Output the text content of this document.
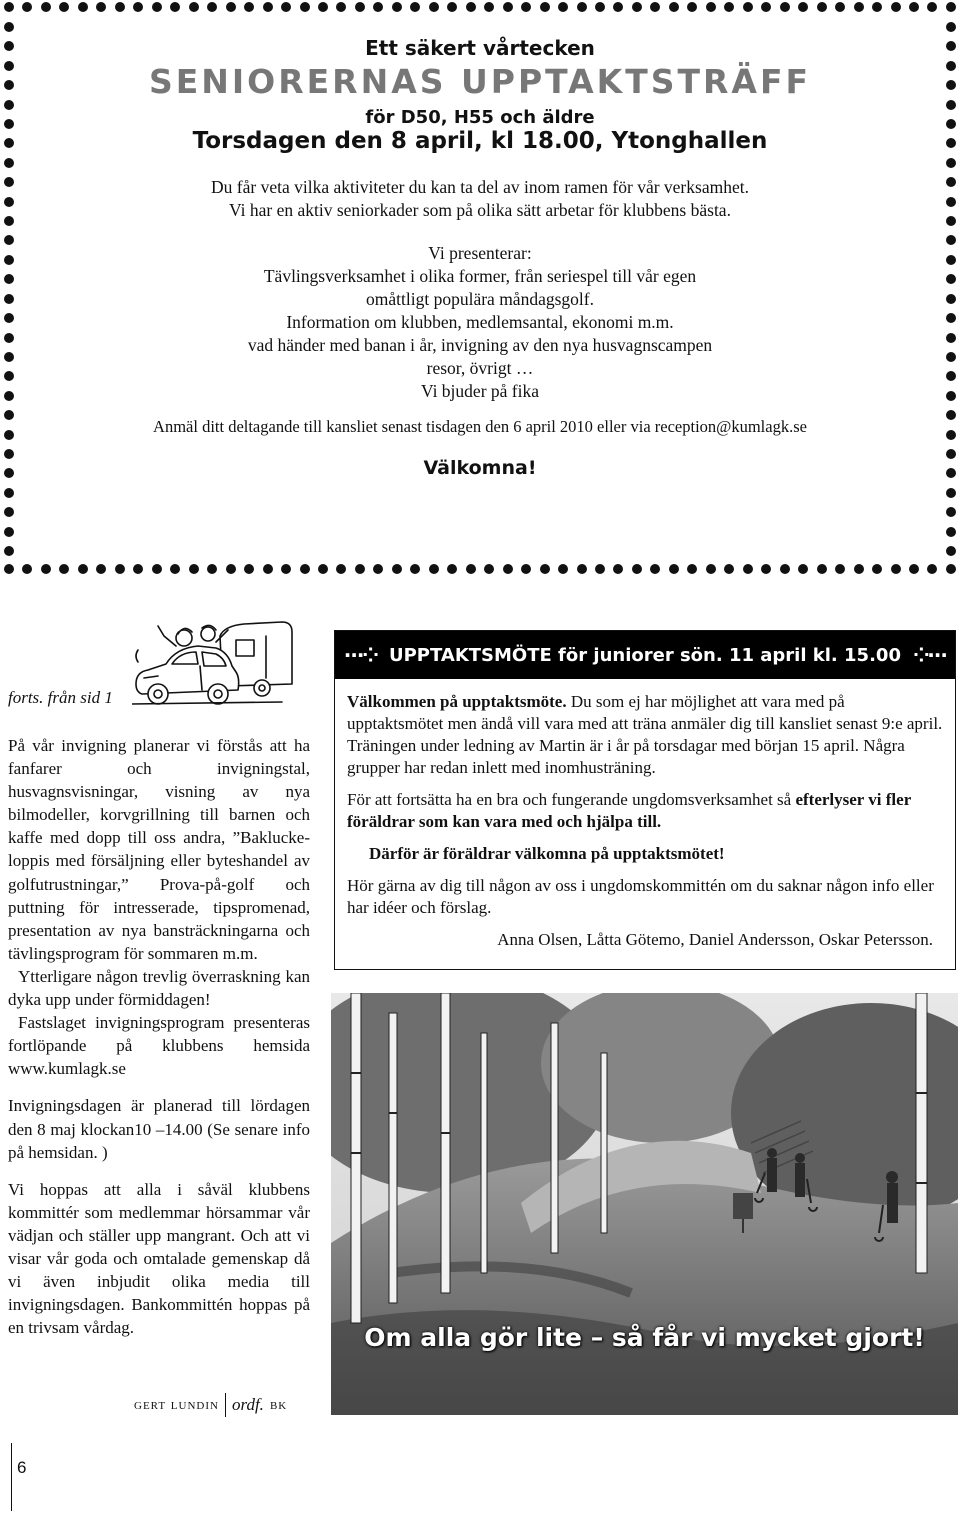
Ett säkert vårtecken
SENIORERNAS UPPTAKTSTRÄFF
för D50, H55 och äldre
Torsdagen den 8 april, kl 18.00, Ytonghallen
Du får veta vilka aktiviteter du kan ta del av inom ramen för vår verksamhet.
Vi har en aktiv seniorkader som på olika sätt arbetar för klubbens bästa.
Vi presenterar:
Tävlingsverksamhet i olika former, från seriespel till vår egen
omåttligt populära måndagsgolf.
Information om klubben, medlemsantal, ekonomi m.m.
vad händer med banan i år, invigning av den nya husvagnscampen
resor, övrigt …
Vi bjuder på fika
Anmäl ditt deltagande till kansliet senast tisdagen den 6 april 2010 eller via reception@kumlagk.se
Välkomna!
forts. från sid 1

På vår invigning planerar vi förstås att ha fanfarer och invigningstal, husvagnsvisningar, visning av nya bilmodeller, korvgrillning till barnen och kaffe med dopp till oss andra, ”Baklucke-loppis med försäljning eller byteshandel av golfutrustningar,” Prova-på-golf och puttning för intresserade, tipspromenad, presentation av nya bansträckningarna och tävlingsprogram för sommaren m.m.

Ytterligare någon trevlig överraskning kan dyka upp under förmiddagen!

Fastslaget invigningsprogram presenteras fortlöpande på klubbens hemsida www.kumlagk.se

Invigningsdagen är planerad till lördagen den 8 maj klockan10 –14.00 (Se senare info på hemsidan. )

Vi hoppas att alla i såväl klubbens kommittér som medlemmar hörsammar vår vädjan och ställer upp mangrant. Och att vi visar vår goda och omtalade gemenskap då vi även inbjudit olika media till invigningsdagen. Bankommittén hoppas på en trivsam vårdag.

gert lundin ordf. bk
⋯⁘ UPPTAKTSMÖTE för juniorer sön. 11 april kl. 15.00 ⁘⋯

Välkommen på upptaktsmöte. Du som ej har möjlighet att vara med på upptaktsmötet men ändå vill vara med att träna anmäler dig till kansliet senast 9:e april. Träningen under ledning av Martin är i år på torsdagar med början 15 april. Några grupper har redan inlett med inomhusträning.

För att fortsätta ha en bra och fungerande ungdomsverksamhet så efterlyser vi fler föräldrar som kan vara med och hjälpa till.

Därför är föräldrar välkomna på upptaktsmötet!

Hör gärna av dig till någon av oss i ungdomskommittén om du saknar någon info eller har idéer och förslag.

Anna Olsen, Låtta Götemo, Daniel Andersson, Oskar Petersson.

Om alla gör lite – så får vi mycket gjort!
6
